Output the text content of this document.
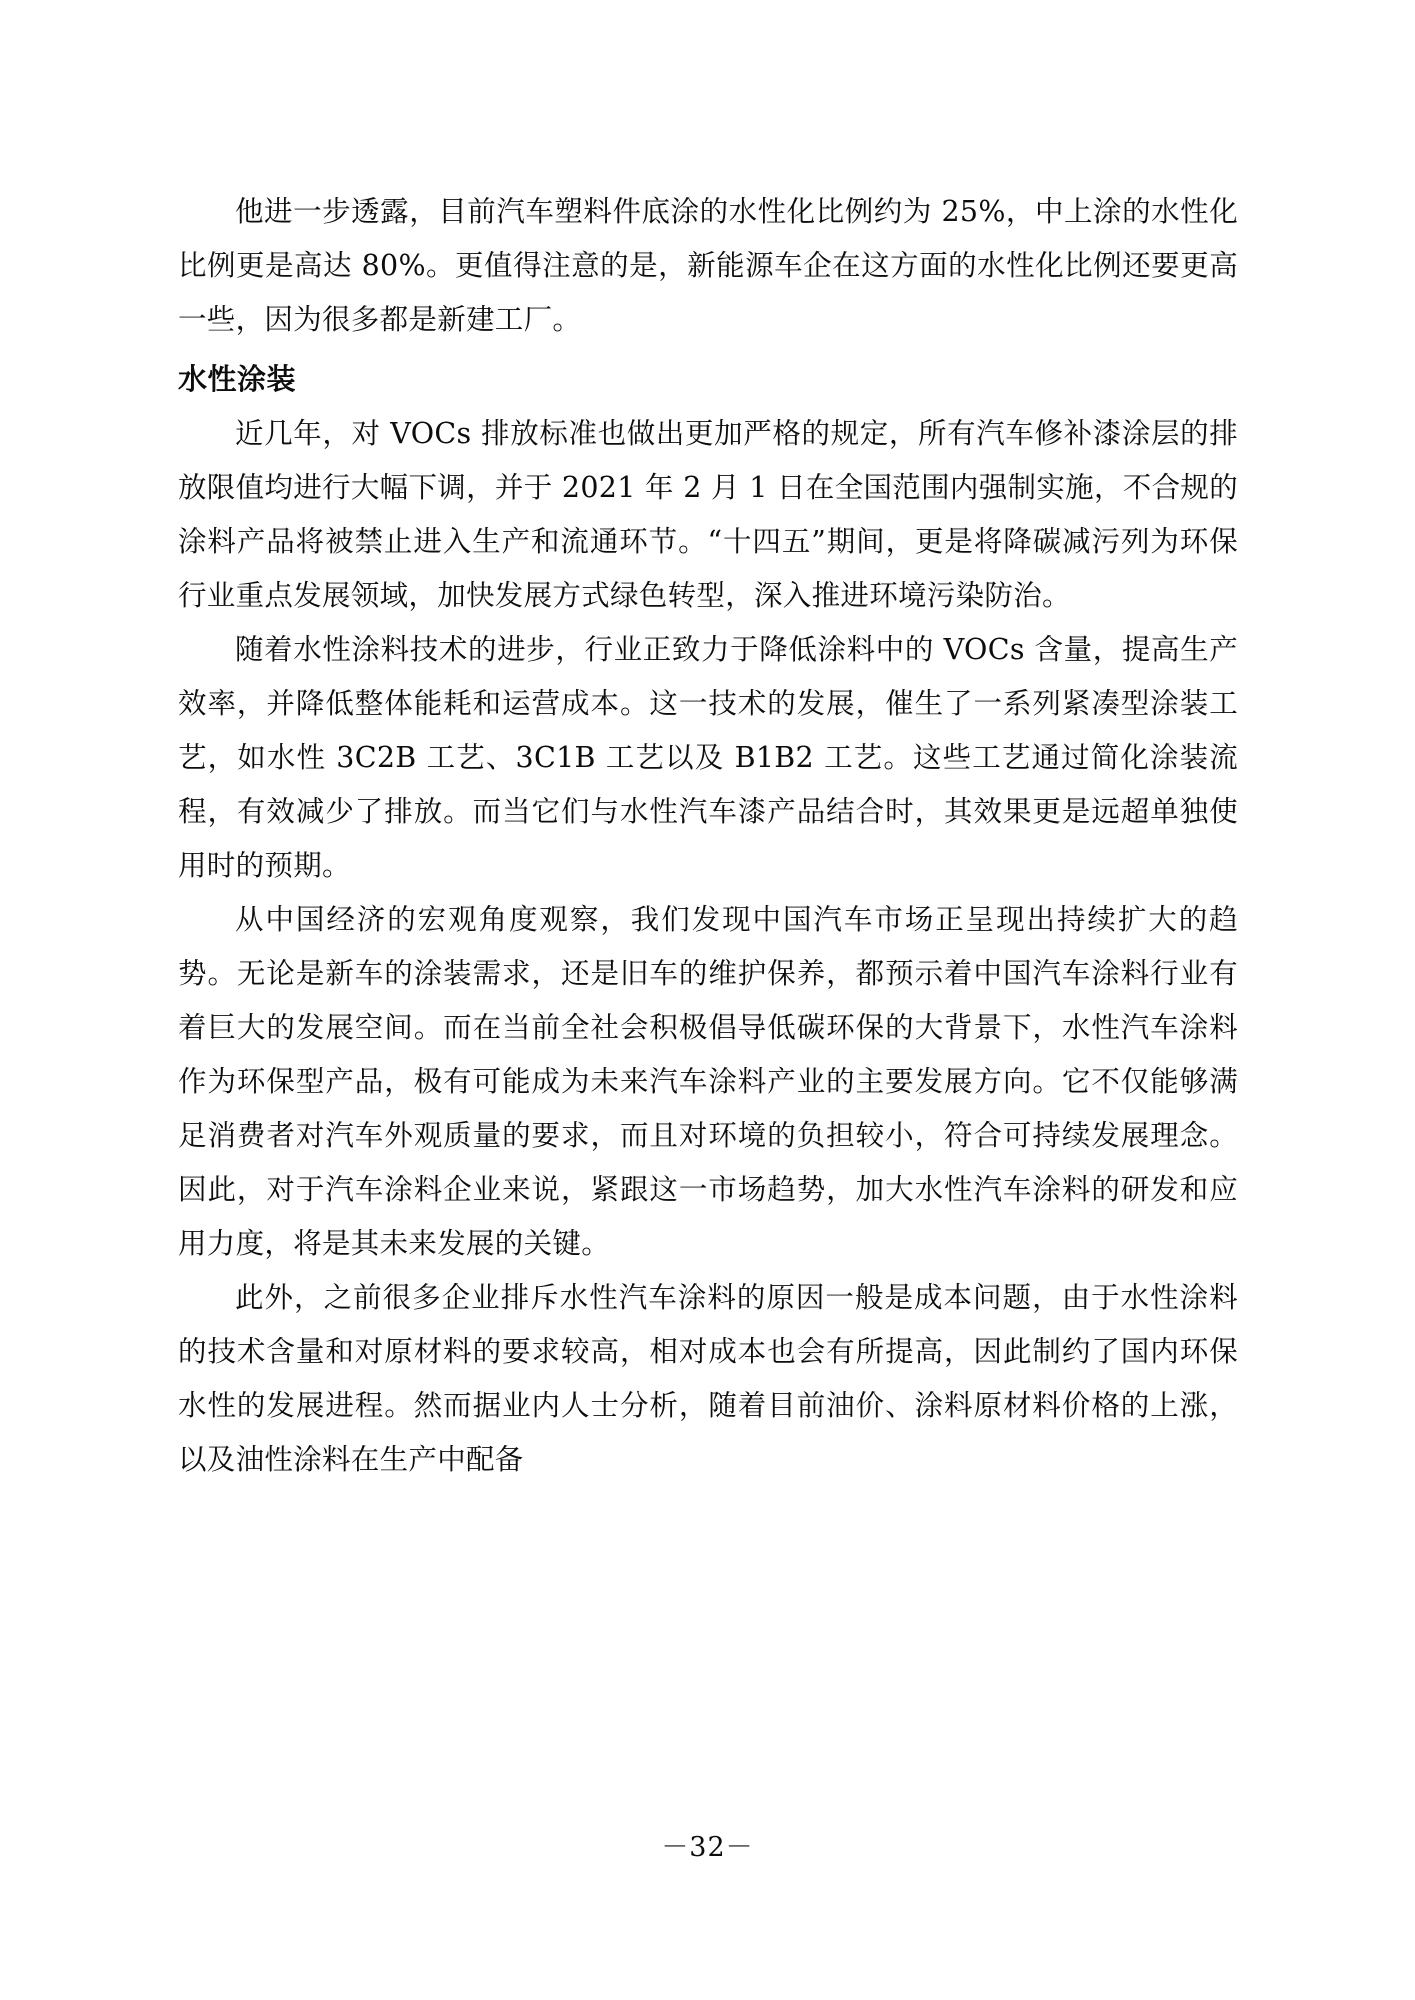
他进一步透露，目前汽车塑料件底涂的水性化比例约为 25%，中上涂的水性化比例更是高达 80%。更值得注意的是，新能源车企在这方面的水性化比例还要更高一些，因为很多都是新建工厂。

水性涂装

近几年，对 VOCs 排放标准也做出更加严格的规定，所有汽车修补漆涂层的排放限值均进行大幅下调，并于 2021 年 2 月 1 日在全国范围内强制实施，不合规的涂料产品将被禁止进入生产和流通环节。“十四五”期间，更是将降碳减污列为环保行业重点发展领域，加快发展方式绿色转型，深入推进环境污染防治。

随着水性涂料技术的进步，行业正致力于降低涂料中的 VOCs 含量，提高生产效率，并降低整体能耗和运营成本。这一技术的发展，催生了一系列紧凑型涂装工艺，如水性 3C2B 工艺、3C1B 工艺以及 B1B2 工艺。这些工艺通过简化涂装流程，有效减少了排放。而当它们与水性汽车漆产品结合时，其效果更是远超单独使用时的预期。

从中国经济的宏观角度观察，我们发现中国汽车市场正呈现出持续扩大的趋势。无论是新车的涂装需求，还是旧车的维护保养，都预示着中国汽车涂料行业有着巨大的发展空间。而在当前全社会积极倡导低碳环保的大背景下，水性汽车涂料作为环保型产品，极有可能成为未来汽车涂料产业的主要发展方向。它不仅能够满足消费者对汽车外观质量的要求，而且对环境的负担较小，符合可持续发展理念。因此，对于汽车涂料企业来说，紧跟这一市场趋势，加大水性汽车涂料的研发和应用力度，将是其未来发展的关键。

此外，之前很多企业排斥水性汽车涂料的原因一般是成本问题，由于水性涂料的技术含量和对原材料的要求较高，相对成本也会有所提高，因此制约了国内环保水性的发展进程。然而据业内人士分析，随着目前油价、涂料原材料价格的上涨，以及油性涂料在生产中配备

－32－
